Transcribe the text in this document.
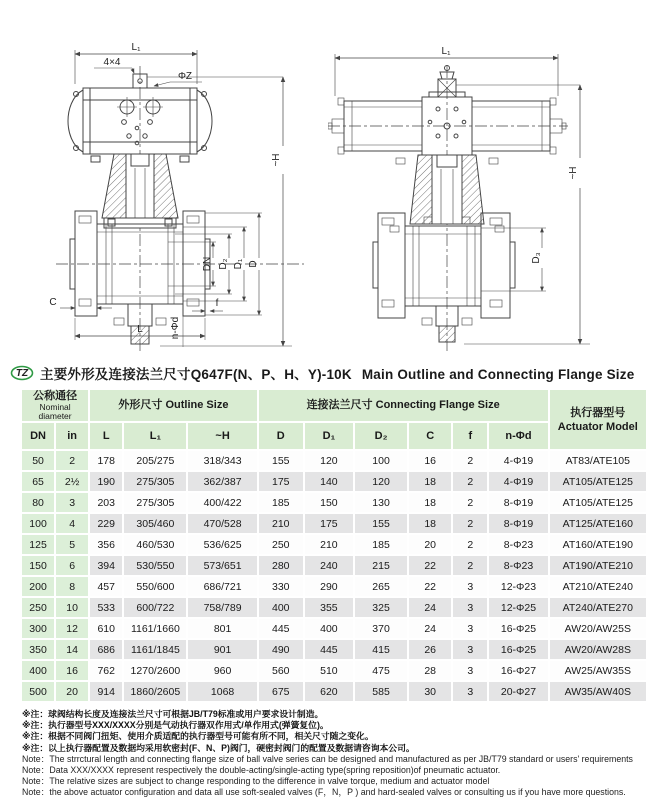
L₁
4×4
ΦZ
DN D₂ D₁ D
~H
L
C	f
n-Φd
L₁
D₃
~H
TZ 主要外形及连接法兰尺寸Q647F(N、P、H、Y)-10K Main Outline and Connecting Flange Size
公称通径
Nominal diameter		外形尺寸 Outline Size			连接法兰尺寸 Connecting Flange Size						执行器型号
Actuator Model
DN	in	L	L₁	~H	D	D₁	D₂	C	f	n-Φd	
50	2	178	205/275	318/343	155	120	100	16	2	4-Φ19	AT83/ATE105
65	2½	190	275/305	362/387	175	140	120	18	2	4-Φ19	AT105/ATE125
80	3	203	275/305	400/422	185	150	130	18	2	8-Φ19	AT105/ATE125
100	4	229	305/460	470/528	210	175	155	18	2	8-Φ19	AT125/ATE160
125	5	356	460/530	536/625	250	210	185	20	2	8-Φ23	AT160/ATE190
150	6	394	530/550	573/651	280	240	215	22	2	8-Φ23	AT190/ATE210
200	8	457	550/600	686/721	330	290	265	22	3	12-Φ23	AT210/ATE240
250	10	533	600/722	758/789	400	355	325	24	3	12-Φ25	AT240/ATE270
300	12	610	1161/1660	801	445	400	370	24	3	16-Φ25	AW20/AW25S
350	14	686	1161/1845	901	490	445	415	26	3	16-Φ25	AW20/AW28S
400	16	762	1270/2600	960	560	510	475	28	3	16-Φ27	AW25/AW35S
500	20	914	1860/2605	1068	675	620	585	30	3	20-Φ27	AW35/AW40S
※注：球阀结构长度及连接法兰尺寸可根据JB/T79标准或用户要求设计制造。
※注：执行器型号XXX/XXXX分别是气动执行器双作用式/单作用式(弹簧复位)。
※注：根据不同阀门扭矩、使用介质适配的执行器型号可能有所不同，相关尺寸随之变化。
※注：以上执行器配置及数据均采用软密封(F、N、P)阀门，硬密封阀门的配置及数据请咨询本公司。
Note：The strrctural length and connecting flange size of ball valve series can be designed and manufactured as per JB/T79 standard or users' requirements
Note：Data XXX/XXXX represent respectively the double-acting/single-acting type(spring reposition)of pneumatic actuator.
Note：The relative sizes are subject to change responding to the difference in valve torque, medium and actuator model
Note：the above actuator configuration and data all use soft-sealed valves (F，N，P ) and hard-sealed valves or consulting us if you have more questions.
